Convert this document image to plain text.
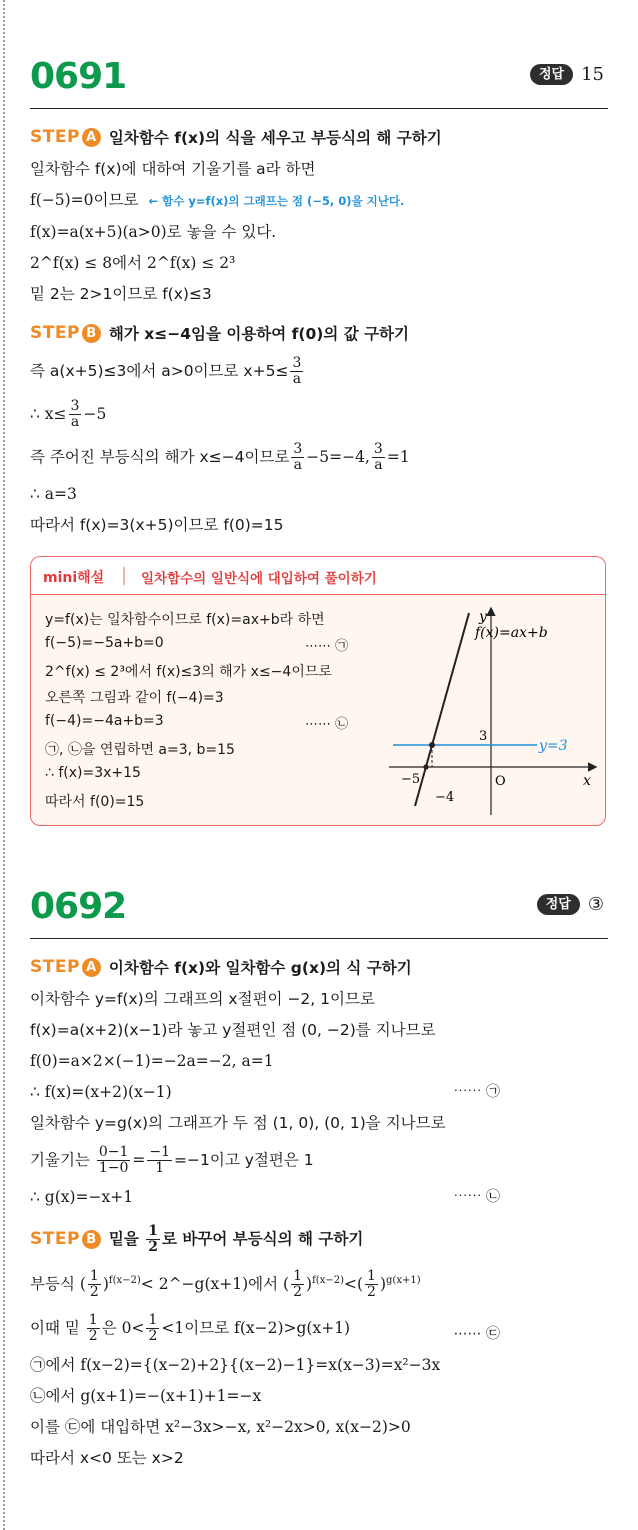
0691	정답 15
STEP A 일차함수 f(x)의 식을 세우고 부등식의 해 구하기
일차함수 f(x)에 대하여 기울기를 a라 하면
f(−5)=0이므로 ← 함수 y=f(x)의 그래프는 점 (−5, 0)을 지난다.
f(x)=a(x+5)(a>0)로 놓을 수 있다.
2^f(x) ≤ 8에서 2^f(x) ≤ 2³
밑 2는 2>1이므로 f(x)≤3
STEP B 해가 x≤−4임을 이용하여 f(0)의 값 구하기
즉 a(x+5)≤3에서 a>0이므로 $x+5\le \frac{3}{a}$
∴ $x\le \frac{3}{a} -5$
즉 주어진 부등식의 해가 x≤−4이므로 $\frac{3}{a} -5=-4$, $\frac{3}{a} =1$
∴ a=3
따라서 f(x)=3(x+5)이므로 f(0)=15
mini해설	일차함수의 일반식에 대입하여 풀이하기
y=f(x)는 일차함수이므로 f(x)=ax+b라 하면
f(−5)=−5a+b=0	⋯⋯ ㉠
2^f(x) ≤ 2³에서 f(x)≤3의 해가 x≤−4이므로
오른쪽 그림과 같이 f(−4)=3
f(−4)=−4a+b=3	⋯⋯ ㉡
㉠, ㉡을 연립하면 a=3, b=15
∴ f(x)=3x+15
따라서 f(0)=15
y
x
O
f(x)=ax+b
y=3
3
−5
−4
0692	정답 ③
STEP A 이차함수 f(x)와 일차함수 g(x)의 식 구하기
이차함수 y=f(x)의 그래프의 x절편이 −2, 1이므로
f(x)=a(x+2)(x−1)라 놓고 y절편인 점 (0, −2)를 지나므로
f(0)=a×2×(−1)=−2a=−2, a=1
∴ f(x)=(x+2)(x−1)	⋯⋯ ㉠
일차함수 y=g(x)의 그래프가 두 점 (1, 0), (0, 1)을 지나므로
기울기는 $\frac{0-1}{1-0} = \frac{-1}{1} =-1$이고 y절편은 1
∴ g(x)=−x+1	⋯⋯ ㉡
STEP B 밑을 $\frac{1}{2}$ 로 바꾸어 부등식의 해 구하기
부등식 ( $\frac{1}{2} )^{f(x-2)}<$ 2^−g(x+1)에서 ( $\frac{1}{2} )^{f(x-2)}<( \frac{1}{2} )^{g(x+1)}$
이때 밑 $\frac{1}{2}$ 은 $0< \frac{1}{2} <1$이므로 f(x−2)>g(x+1)	⋯⋯ ㉢
㉠에서 f(x−2)={(x−2)+2}{(x−2)−1}=x(x−3)=x²−3x
㉡에서 g(x+1)=−(x+1)+1=−x
이를 ㉢에 대입하면 x²−3x>−x, x²−2x>0, x(x−2)>0
따라서 x<0 또는 x>2
